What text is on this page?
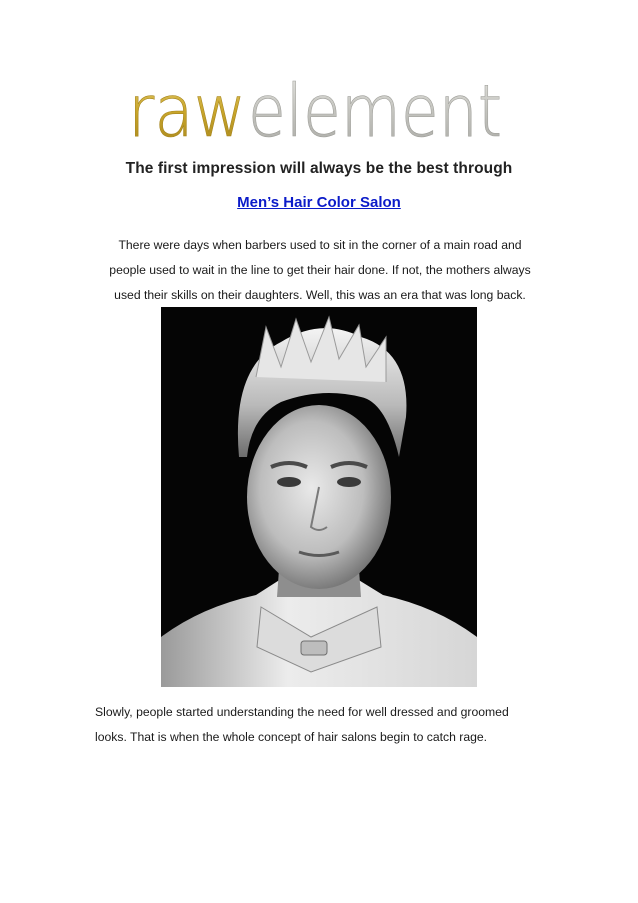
raw element
The first impression will always be the best through
Men’s Hair Color Salon
There were days when barbers used to sit in the corner of a main road and
people used to wait in the line to get their hair done. If not, the mothers always
used their skills on their daughters. Well, this was an era that was long back.
Slowly, people started understanding the need for well dressed and groomed
looks. That is when the whole concept of hair salons begin to catch rage.
